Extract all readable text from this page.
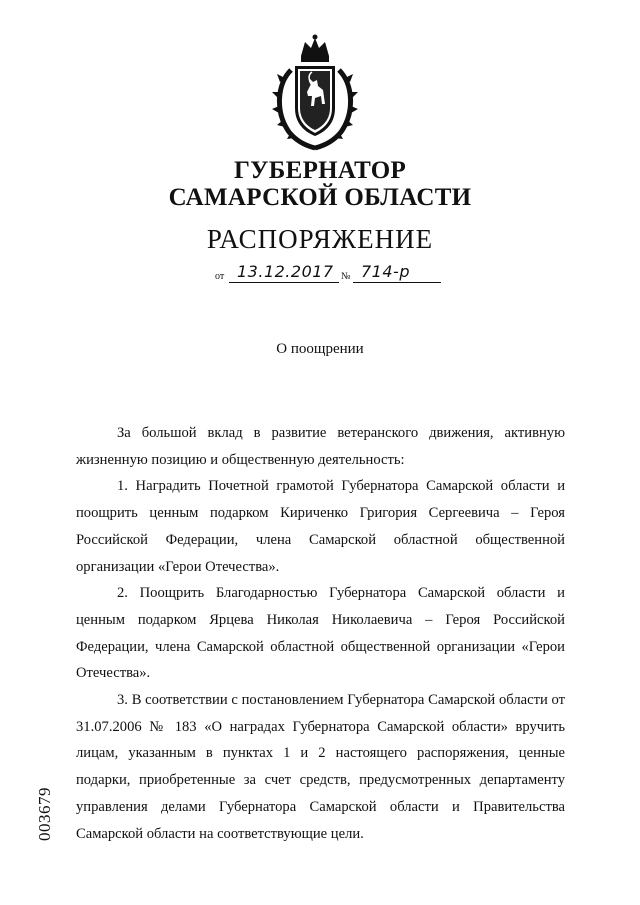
ГУБЕРНАТОР
САМАРСКОЙ ОБЛАСТИ
РАСПОРЯЖЕНИЕ
от 13.12.2017 № 714-р
О поощрении

За большой вклад в развитие ветеранского движения, активную жизненную позицию и общественную деятельность:

1. Наградить Почетной грамотой Губернатора Самарской области и поощрить ценным подарком Кириченко Григория Сергеевича – Героя Российской Федерации, члена Самарской областной общественной организации «Герои Отечества».

2. Поощрить Благодарностью Губернатора Самарской области и ценным подарком Ярцева Николая Николаевича – Героя Российской Федерации, члена Самарской областной общественной организации «Герои Отечества».

3. В соответствии с постановлением Губернатора Самарской области от 31.07.2006 № 183 «О наградах Губернатора Самарской области» вручить лицам, указанным в пунктах 1 и 2 настоящего распоряжения, ценные подарки, приобретенные за счет средств, предусмотренных департаменту управления делами Губернатора Самарской области и Правительства Самарской области на соответствующие цели.

003679
